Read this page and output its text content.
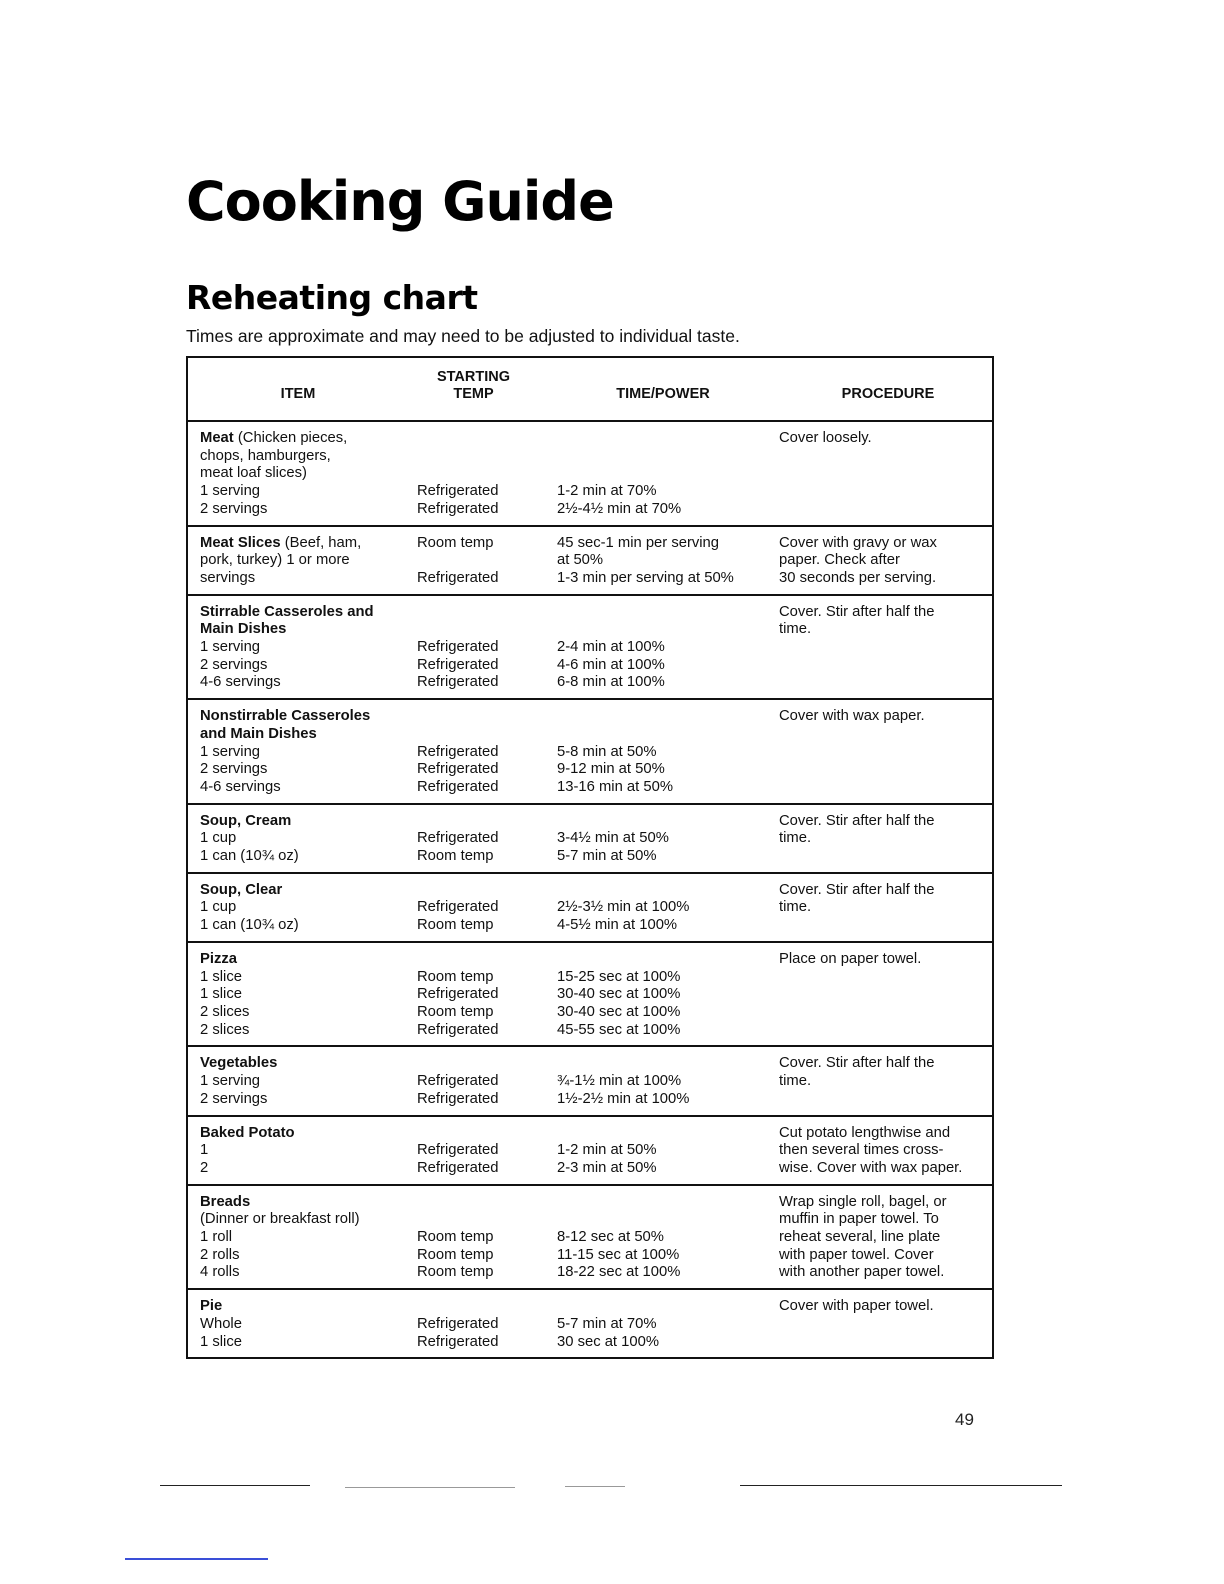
Cooking Guide
Reheating chart

Times are approximate and may need to be adjusted to individual taste.

ITEM
STARTING
TEMP	TIME/POWER	PROCEDURE
Meat (Chicken pieces,
chops, hamburgers,
meat loaf slices)
1 serving
2 servings
Refrigerated
Refrigerated
1-2 min at 70%
2½-4½ min at 70%
Cover loosely.
Meat Slices (Beef, ham,
pork, turkey) 1 or more
servings
Room temp
Refrigerated
45 sec-1 min per serving
at 50%
1-3 min per serving at 50%
Cover with gravy or wax
paper. Check after
30 seconds per serving.
Stirrable Casseroles and
Main Dishes
1 serving
2 servings
4-6 servings
Refrigerated
Refrigerated
Refrigerated
2-4 min at 100%
4-6 min at 100%
6-8 min at 100%
Cover. Stir after half the
time.
Nonstirrable Casseroles
and Main Dishes
1 serving
2 servings
4-6 servings
Refrigerated
Refrigerated
Refrigerated
5-8 min at 50%
9-12 min at 50%
13-16 min at 50%
Cover with wax paper.
Soup, Cream
1 cup
1 can (10¾ oz)
Refrigerated
Room temp
3-4½ min at 50%
5-7 min at 50%
Cover. Stir after half the
time.
Soup, Clear
1 cup
1 can (10¾ oz)
Refrigerated
Room temp
2½-3½ min at 100%
4-5½ min at 100%
Cover. Stir after half the
time.
Pizza
1 slice
1 slice
2 slices
2 slices
Room temp
Refrigerated
Room temp
Refrigerated
15-25 sec at 100%
30-40 sec at 100%
30-40 sec at 100%
45-55 sec at 100%
Place on paper towel.
Vegetables
1 serving
2 servings
Refrigerated
Refrigerated
¾-1½ min at 100%
1½-2½ min at 100%
Cover. Stir after half the
time.
Baked Potato
1
2
Refrigerated
Refrigerated
1-2 min at 50%
2-3 min at 50%
Cut potato lengthwise and
then several times cross-
wise. Cover with wax paper.
Breads
(Dinner or breakfast roll)
1 roll
2 rolls
4 rolls
Room temp
Room temp
Room temp
8-12 sec at 50%
11-15 sec at 100%
18-22 sec at 100%
Wrap single roll, bagel, or
muffin in paper towel. To
reheat several, line plate
with paper towel. Cover
with another paper towel.
Pie
Whole
1 slice
Refrigerated
Refrigerated
5-7 min at 70%
30 sec at 100%
Cover with paper towel.
49
